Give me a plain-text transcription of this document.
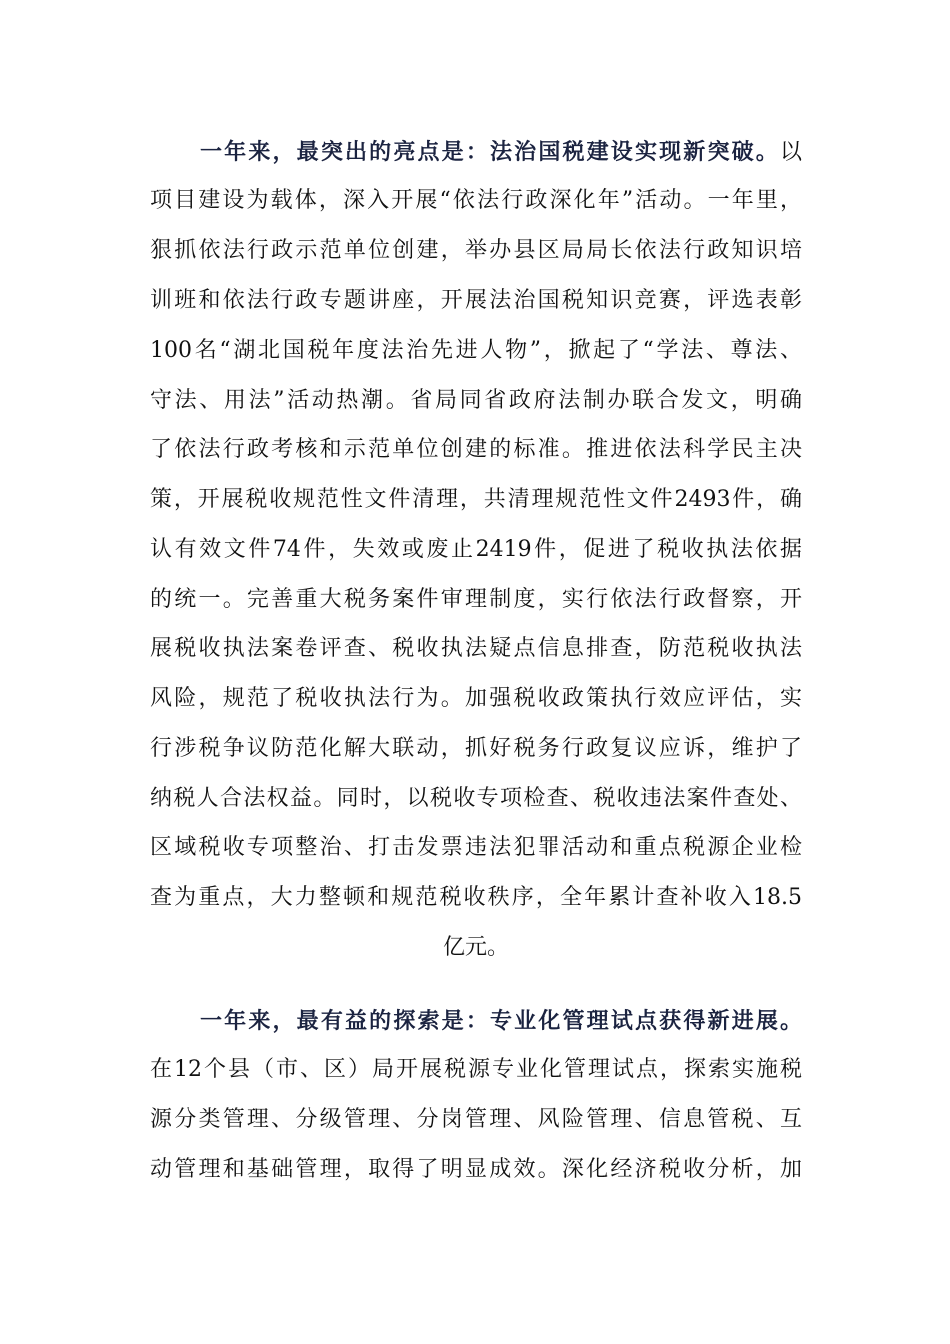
一年来，最突出的亮点是：法治国税建设实现新突破。以
项目建设为载体，深入开展“依法行政深化年”活动。一年里，
狠抓依法行政示范单位创建，举办县区局局长依法行政知识培
训班和依法行政专题讲座，开展法治国税知识竞赛，评选表彰
100名“湖北国税年度法治先进人物”，掀起了“学法、尊法、
守法、用法”活动热潮。省局同省政府法制办联合发文，明确
了依法行政考核和示范单位创建的标准。推进依法科学民主决
策，开展税收规范性文件清理，共清理规范性文件2493件，确
认有效文件74件，失效或废止2419件，促进了税收执法依据
的统一。完善重大税务案件审理制度，实行依法行政督察，开
展税收执法案卷评查、税收执法疑点信息排查，防范税收执法
风险，规范了税收执法行为。加强税收政策执行效应评估，实
行涉税争议防范化解大联动，抓好税务行政复议应诉，维护了
纳税人合法权益。同时，以税收专项检查、税收违法案件查处、
区域税收专项整治、打击发票违法犯罪活动和重点税源企业检
查为重点，大力整顿和规范税收秩序，全年累计查补收入18.5
亿元。
一年来，最有益的探索是：专业化管理试点获得新进展。
在12个县（市、区）局开展税源专业化管理试点，探索实施税
源分类管理、分级管理、分岗管理、风险管理、信息管税、互
动管理和基础管理，取得了明显成效。深化经济税收分析，加
